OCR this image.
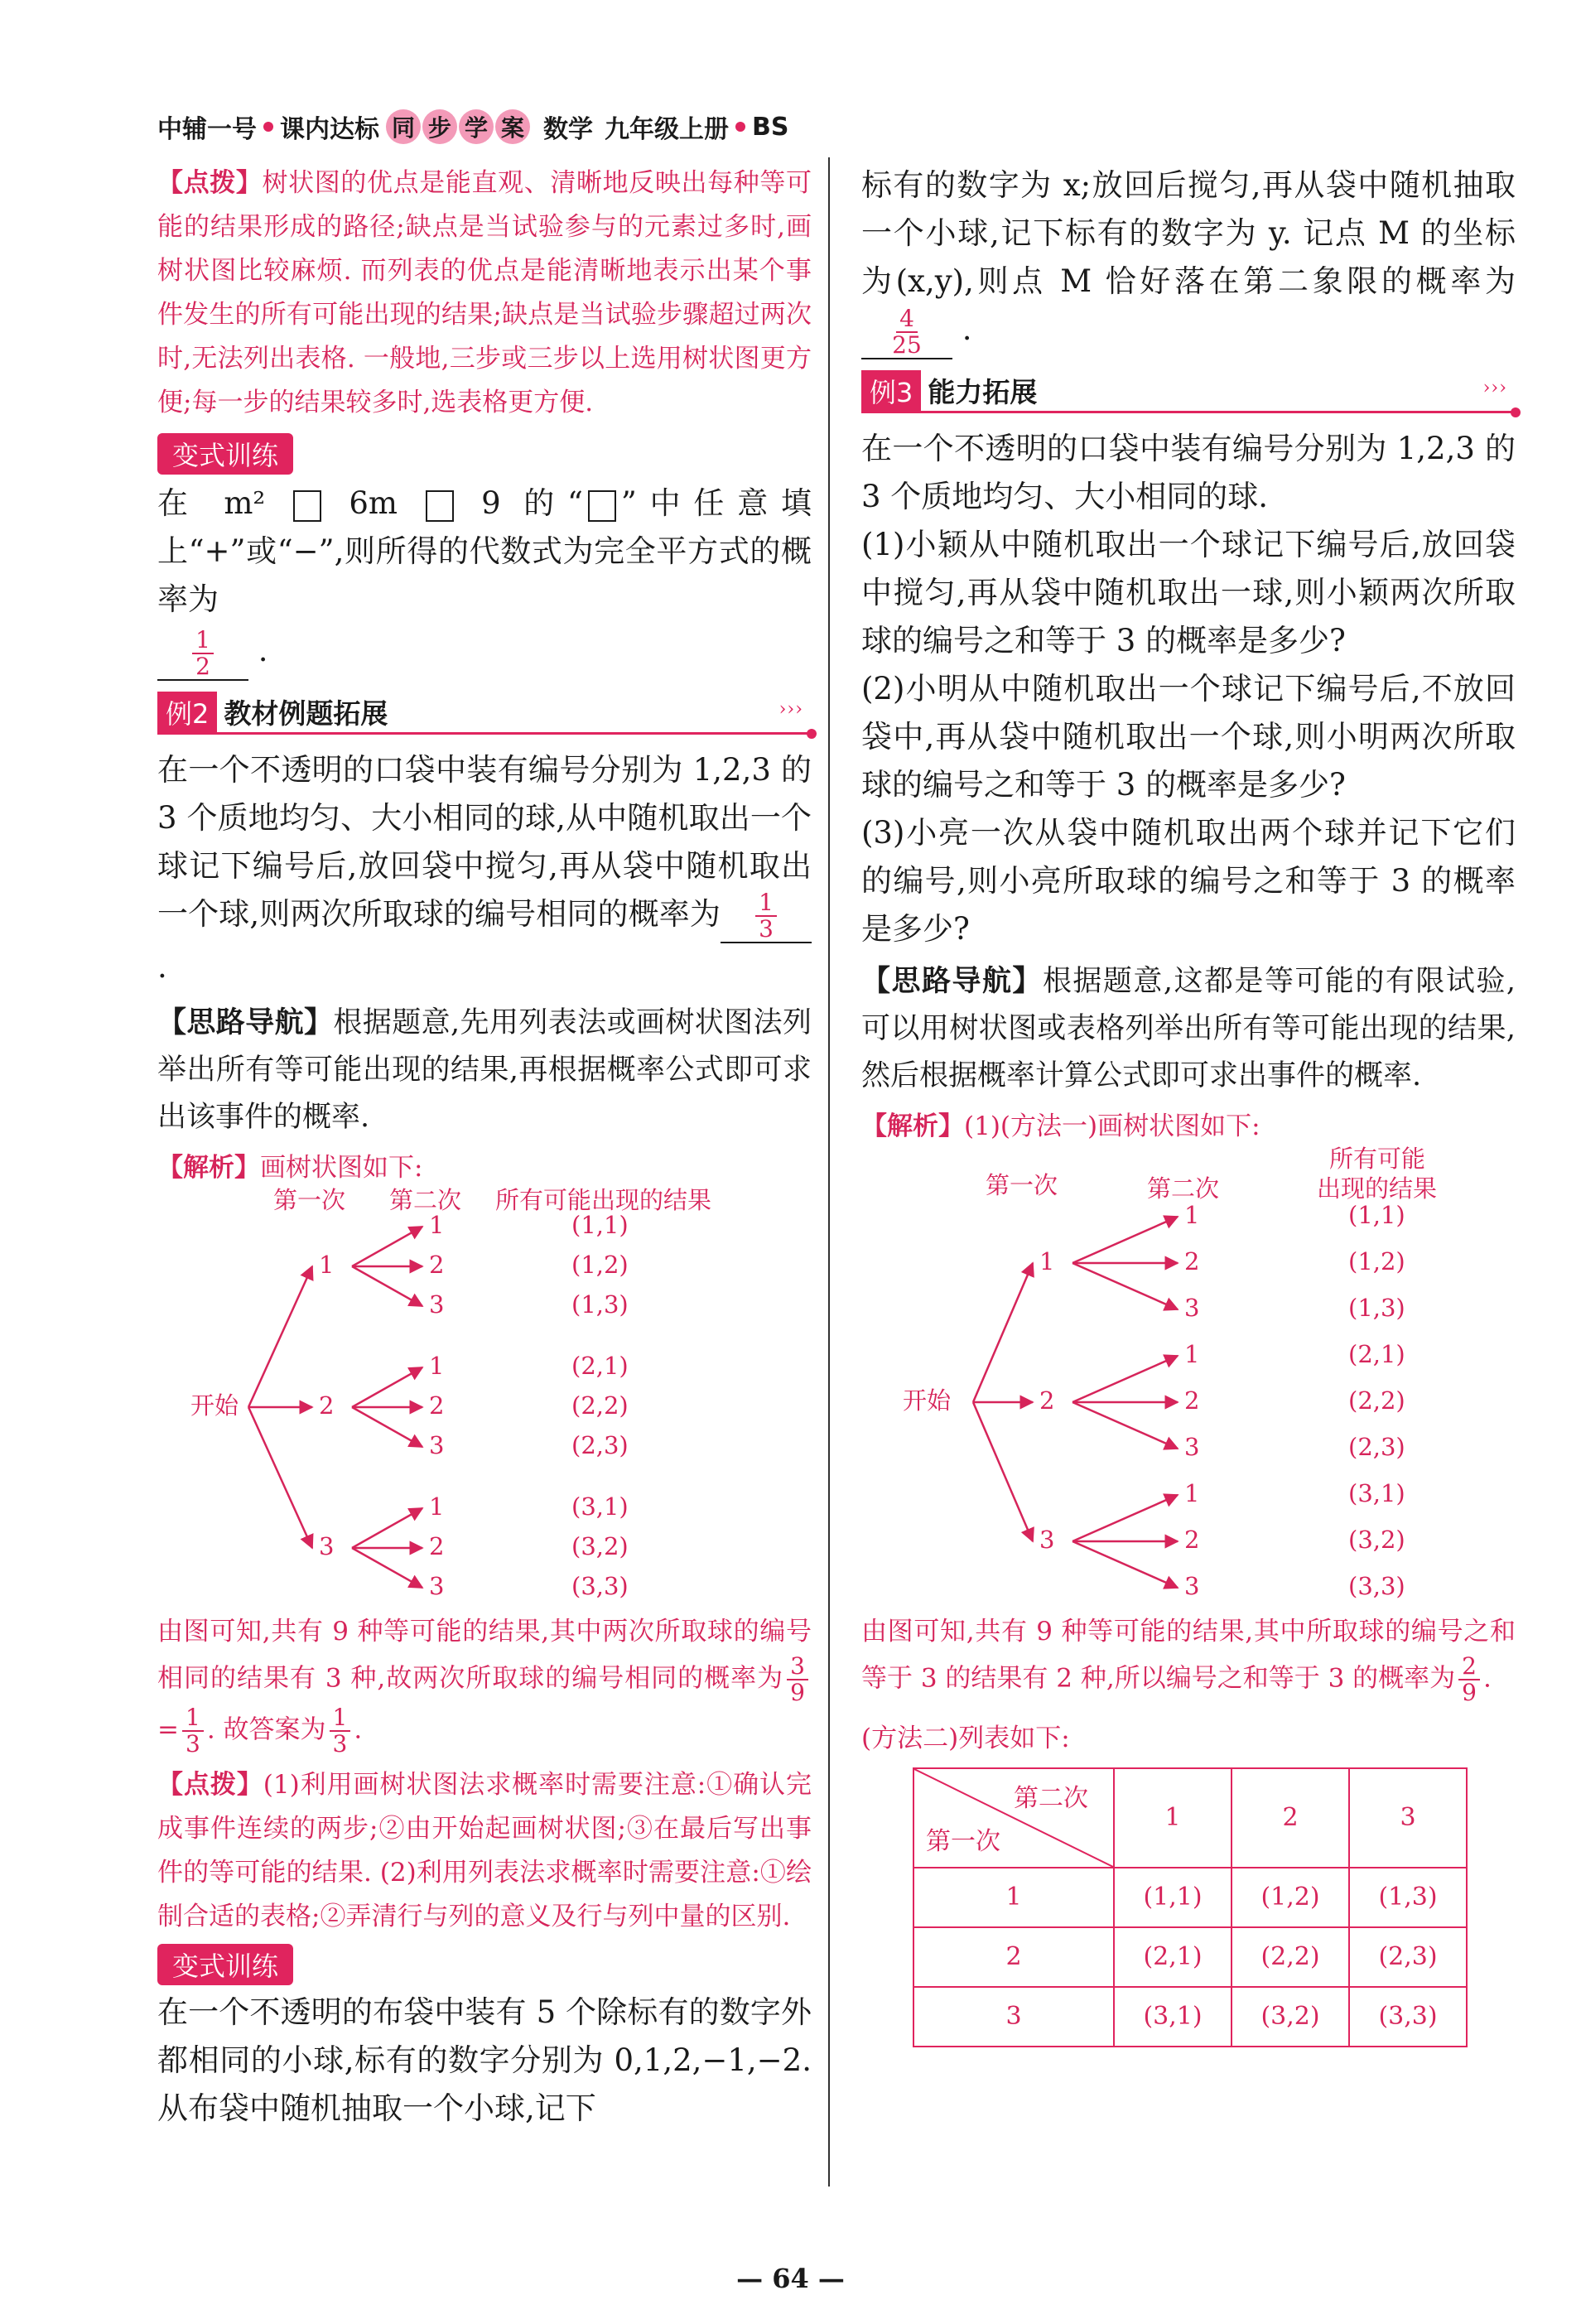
中辅一号 课内达标 同 步 学 案 数学 九年级上册 BS
【点拨】树状图的优点是能直观、清晰地反映出每种等可能的结果形成的路径;缺点是当试验参与的元素过多时,画树状图比较麻烦. 而列表的优点是能清晰地表示出某个事件发生的所有可能出现的结果;缺点是当试验步骤超过两次时,无法列出表格. 一般地,三步或三步以上选用树状图更方便;每一步的结果较多时,选表格更方便.
变式训练
在 m²  6m  9 的“ ”中任意填上“+”或“−”,则所得的代数式为完全平方式的概率为
$\frac{1}{2}$ .
例2 教材例题拓展	›››
在一个不透明的口袋中装有编号分别为 1,2,3 的 3 个质地均匀、大小相同的球,从中随机取出一个球记下编号后,放回袋中搅匀,再从袋中随机取出一个球,则两次所取球的编号相同的概率为 $\frac{1}{3}$
.
【思路导航】根据题意,先用列表法或画树状图法列举出所有等可能出现的结果,再根据概率公式即可求出该事件的概率.
【解析】画树状图如下:
第一次 第二次 所有可能出现的结果
开始
1
1	(1,1)
2	(1,2)
3	(1,3)
2
1	(2,1)
2	(2,2)
3	(2,3)
3
1	(3,1)
2	(3,2)
3	(3,3)
由图可知,共有 9 种等可能的结果,其中两次所取球的编号相同的结果有 3 种,故两次所取球的编号相同的概率为 $\frac{3}{9}$
= $\frac{1}{3}$ . 故答案为 $\frac{1}{3}$ .
【点拨】(1)利用画树状图法求概率时需要注意:①确认完成事件连续的两步;②由开始起画树状图;③在最后写出事件的等可能的结果. (2)利用列表法求概率时需要注意:①绘制合适的表格;②弄清行与列的意义及行与列中量的区别.
变式训练
在一个不透明的布袋中装有 5 个除标有的数字外都相同的小球,标有的数字分别为 0,1,2,−1,−2. 从布袋中随机抽取一个小球,记下
标有的数字为 x;放回后搅匀,再从袋中随机抽取一个小球,记下标有的数字为 y. 记点 M 的坐标为(x,y),则点 M 恰好落在第二象限的概率为
$\frac{4}{25}$ .
例3 能力拓展	›››
在一个不透明的口袋中装有编号分别为 1,2,3 的 3 个质地均匀、大小相同的球.
(1)小颖从中随机取出一个球记下编号后,放回袋中搅匀,再从袋中随机取出一球,则小颖两次所取球的编号之和等于 3 的概率是多少?
(2)小明从中随机取出一个球记下编号后,不放回袋中,再从袋中随机取出一个球,则小明两次所取球的编号之和等于 3 的概率是多少?
(3)小亮一次从袋中随机取出两个球并记下它们的编号,则小亮所取球的编号之和等于 3 的概率是多少?
【思路导航】根据题意,这都是等可能的有限试验,可以用树状图或表格列举出所有等可能出现的结果,然后根据概率计算公式即可求出事件的概率.
【解析】(1)(方法一)画树状图如下:
第一次	第二次
所有可能
出现的结果
开始
1
1	(1,1)
2	(1,2)
3	(1,3)
2
1	(2,1)
2	(2,2)
3	(2,3)
3
1	(3,1)
2	(3,2)
3	(3,3)
由图可知,共有 9 种等可能的结果,其中所取球的编号之和等于 3 的结果有 2 种,所以编号之和等于 3 的概率为 $\frac{2}{9}$ .
(方法二)列表如下:
第二次
第一次	1	2	3
1	(1,1)	(1,2)	(1,3)
2	(2,1)	(2,2)	(2,3)
3	(3,1)	(3,2)	(3,3)
— 64 —
